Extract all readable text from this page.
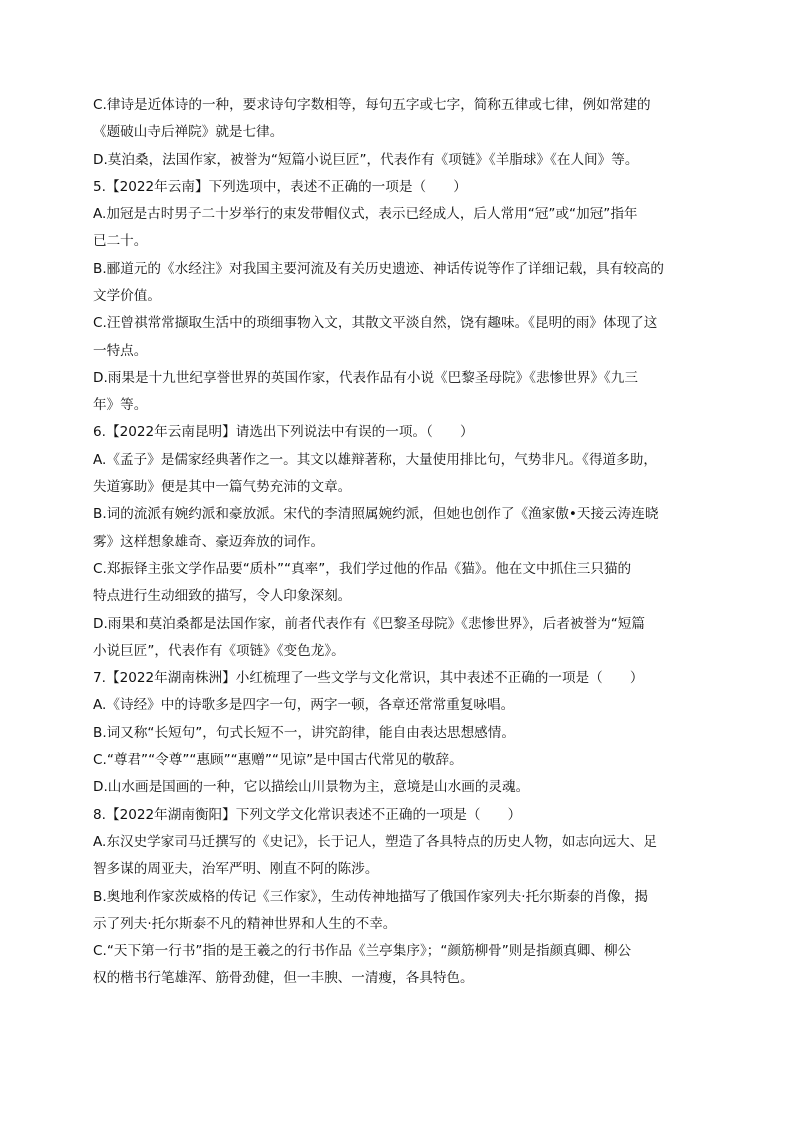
C.律诗是近体诗的一种，要求诗句字数相等，每句五字或七字，简称五律或七律，例如常建的
《题破山寺后禅院》就是七律。
D.莫泊桑，法国作家，被誉为“短篇小说巨匠”，代表作有《项链》《羊脂球》《在人间》等。
5.【2022年云南】下列选项中，表述不正确的一项是（　　）
A.加冠是古时男子二十岁举行的束发带帽仪式，表示已经成人，后人常用“冠”或“加冠”指年
已二十。
B.郦道元的《水经注》对我国主要河流及有关历史遗迹、神话传说等作了详细记载，具有较高的
文学价值。
C.汪曾祺常常撷取生活中的琐细事物入文，其散文平淡自然，饶有趣味。《昆明的雨》体现了这
一特点。
D.雨果是十九世纪享誉世界的英国作家，代表作品有小说《巴黎圣母院》《悲惨世界》《九三
年》等。
6.【2022年云南昆明】请选出下列说法中有误的一项。（　　）
A.《孟子》是儒家经典著作之一。其文以雄辩著称，大量使用排比句，气势非凡。《得道多助，
失道寡助》便是其中一篇气势充沛的文章。
B.词的流派有婉约派和豪放派。宋代的李清照属婉约派，但她也创作了《渔家傲•天接云涛连晓
雾》这样想象雄奇、豪迈奔放的词作。
C.郑振铎主张文学作品要“质朴”“真率”，我们学过他的作品《猫》。他在文中抓住三只猫的
特点进行生动细致的描写，令人印象深刻。
D.雨果和莫泊桑都是法国作家，前者代表作有《巴黎圣母院》《悲惨世界》，后者被誉为“短篇
小说巨匠”，代表作有《项链》《变色龙》。
7.【2022年湖南株洲】小红梳理了一些文学与文化常识，其中表述不正确的一项是（　　）
A.《诗经》中的诗歌多是四字一句，两字一顿，各章还常常重复咏唱。
B.词又称“长短句”，句式长短不一，讲究韵律，能自由表达思想感情。
C.“尊君”“令尊”“惠顾”“惠赠”“见谅”是中国古代常见的敬辞。
D.山水画是国画的一种，它以描绘山川景物为主，意境是山水画的灵魂。
8.【2022年湖南衡阳】下列文学文化常识表述不正确的一项是（　　）
A.东汉史学家司马迁撰写的《史记》，长于记人，塑造了各具特点的历史人物，如志向远大、足
智多谋的周亚夫，治军严明、刚直不阿的陈涉。
B.奥地利作家茨威格的传记《三作家》，生动传神地描写了俄国作家列夫·托尔斯泰的肖像，揭
示了列夫·托尔斯泰不凡的精神世界和人生的不幸。
C.“天下第一行书”指的是王羲之的行书作品《兰亭集序》；“颜筋柳骨”则是指颜真卿、柳公
权的楷书行笔雄浑、筋骨劲健，但一丰腴、一清瘦，各具特色。
